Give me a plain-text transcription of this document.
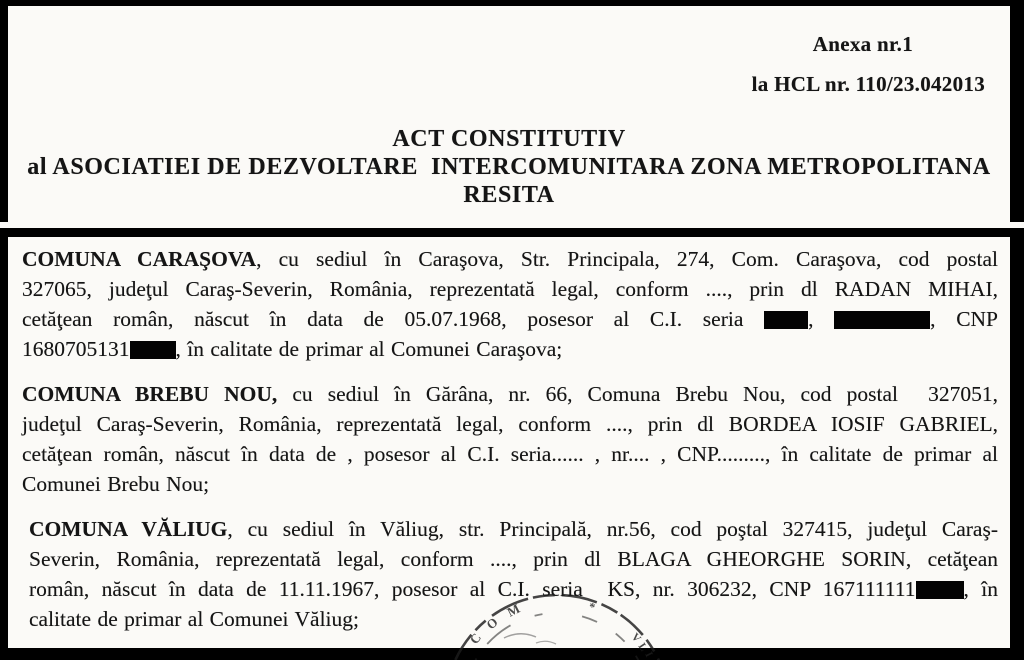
Anexa nr.1
la HCL nr. 110/23.042013
ACT CONSTITUTIV
al ASOCIATIEI DE DEZVOLTARE  INTERCOMUNITARA ZONA METROPOLITANA
RESITA
COMUNA CARAŞOVA, cu sediul în Caraşova, Str. Principala, 274, Com. Caraşova, cod postal
327065, judeţul Caraş-Severin, România, reprezentată legal, conform ...., prin dl RADAN MIHAI,
cetăţean român, născut în data de 05.07.1968, posesor al C.I. seria ,	, CNP
1680705131 , în calitate de primar al Comunei Caraşova;
COMUNA BREBU NOU, cu sediul în Gărâna, nr. 66, Comuna Brebu Nou, cod postal  327051,
judeţul Caraş-Severin, România, reprezentată legal, conform ...., prin dl BORDEA IOSIF GABRIEL,
cetăţean român, născut în data de , posesor al C.I. seria...... , nr.... , CNP........., în calitate de primar al
Comunei Brebu Nou;
COMUNA VĂLIUG, cu sediul în Văliug, str. Principală, nr.56, cod poştal 327415, judeţul Caraş-
Severin, România, reprezentată legal, conform ...., prin dl BLAGA GHEORGHE SORIN, cetăţean
român, născut în data de 11.11.1967, posesor al C.I. seria  KS, nr. 306232, CNP 167111111 , în
calitate de primar al Comunei Văliug;
C
O
M	*
V
L
I
